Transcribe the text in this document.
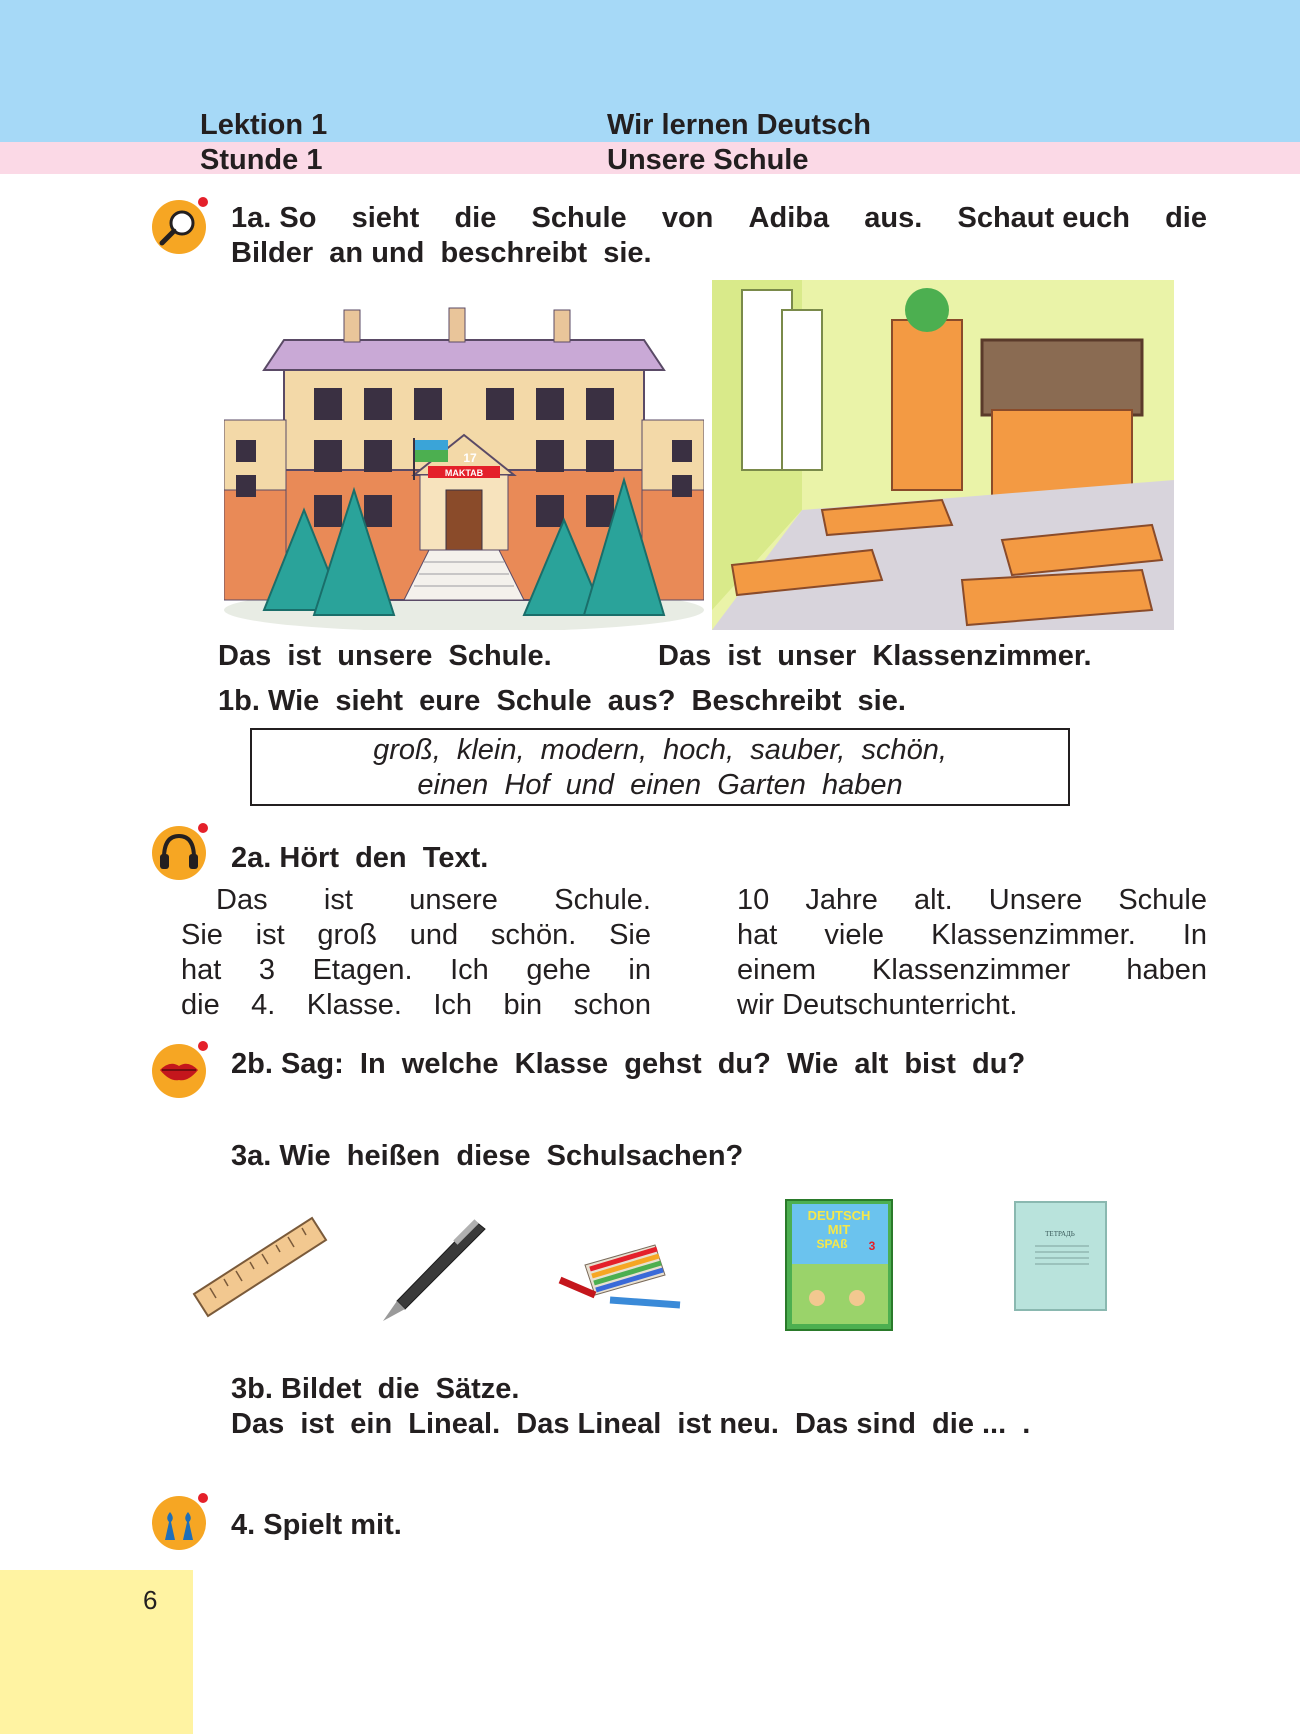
Lektion 1	Wir lernen Deutsch
Stunde 1	Unsere Schule
1a. So sieht die Schule von Adiba aus. Schaut euch die
Bilder  an und  beschreibt  sie.
MAKTAB
17
Das  ist  unsere  Schule.	Das  ist  unser  Klassenzimmer.
1b. Wie  sieht  eure  Schule  aus?  Beschreibt  sie.
groß,  klein,  modern,  hoch,  sauber,  schön,
einen  Hof  und  einen  Garten  haben
2a. Hört  den  Text.
Das ist unsere Schule.
Sie ist groß und schön. Sie
hat 3 Etagen. Ich gehe in
die 4. Klasse. Ich bin schon
10 Jahre alt. Unsere Schule
hat viele Klassenzimmer. In
einem Klassenzimmer haben
wir Deutschunterricht.
2b. Sag:  In  welche  Klasse  gehst  du?  Wie  alt  bist  du?
3a. Wie  heißen  diese  Schulsachen?
DEUTSCH
MIT
SPAß 3
ТЕТРАДЬ
3b. Bildet  die  Sätze.
Das  ist  ein  Lineal.  Das Lineal  ist neu.  Das sind  die ...  .
4. Spielt mit.
6
